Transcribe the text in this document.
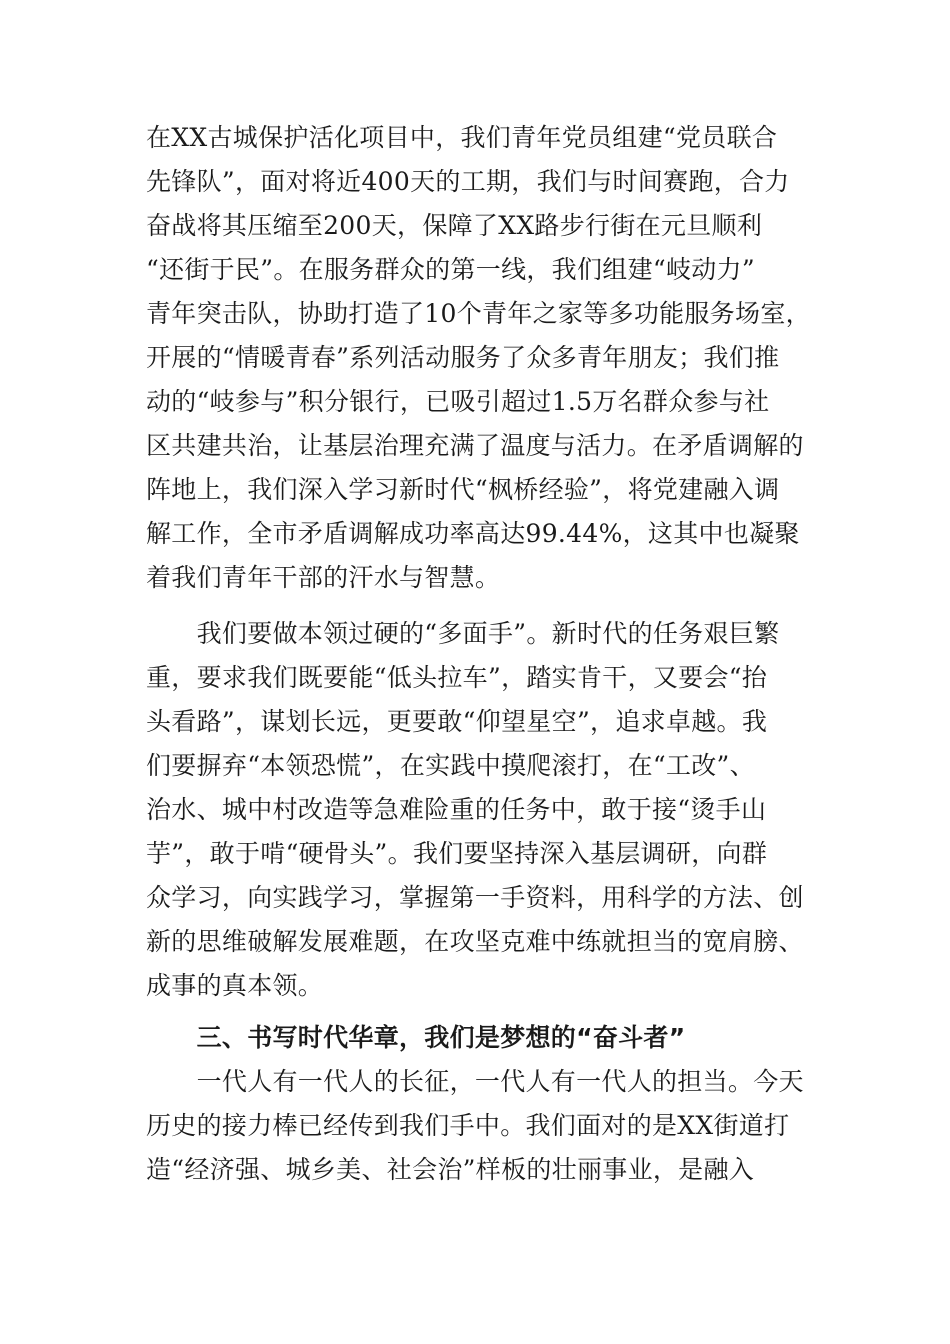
在XX古城保护活化项目中，我们青年党员组建“党员联合
先锋队”，面对将近400天的工期，我们与时间赛跑，合力
奋战将其压缩至200天，保障了XX路步行街在元旦顺利
“还街于民”。在服务群众的第一线，我们组建“岐动力”
青年突击队，协助打造了10个青年之家等多功能服务场室，
开展的“情暖青春”系列活动服务了众多青年朋友；我们推
动的“岐参与”积分银行，已吸引超过1.5万名群众参与社
区共建共治，让基层治理充满了温度与活力。在矛盾调解的
阵地上，我们深入学习新时代“枫桥经验”，将党建融入调
解工作，全市矛盾调解成功率高达99.44%，这其中也凝聚
着我们青年干部的汗水与智慧。
　　我们要做本领过硬的“多面手”。新时代的任务艰巨繁
重，要求我们既要能“低头拉车”，踏实肯干，又要会“抬
头看路”，谋划长远，更要敢“仰望星空”，追求卓越。我
们要摒弃“本领恐慌”，在实践中摸爬滚打，在“工改”、
治水、城中村改造等急难险重的任务中，敢于接“烫手山
芋”，敢于啃“硬骨头”。我们要坚持深入基层调研，向群
众学习，向实践学习，掌握第一手资料，用科学的方法、创
新的思维破解发展难题，在攻坚克难中练就担当的宽肩膀、
成事的真本领。
　　三、书写时代华章，我们是梦想的“奋斗者”
　　一代人有一代人的长征，一代人有一代人的担当。今天
历史的接力棒已经传到我们手中。我们面对的是XX街道打
造“经济强、城乡美、社会治”样板的壮丽事业，是融入
